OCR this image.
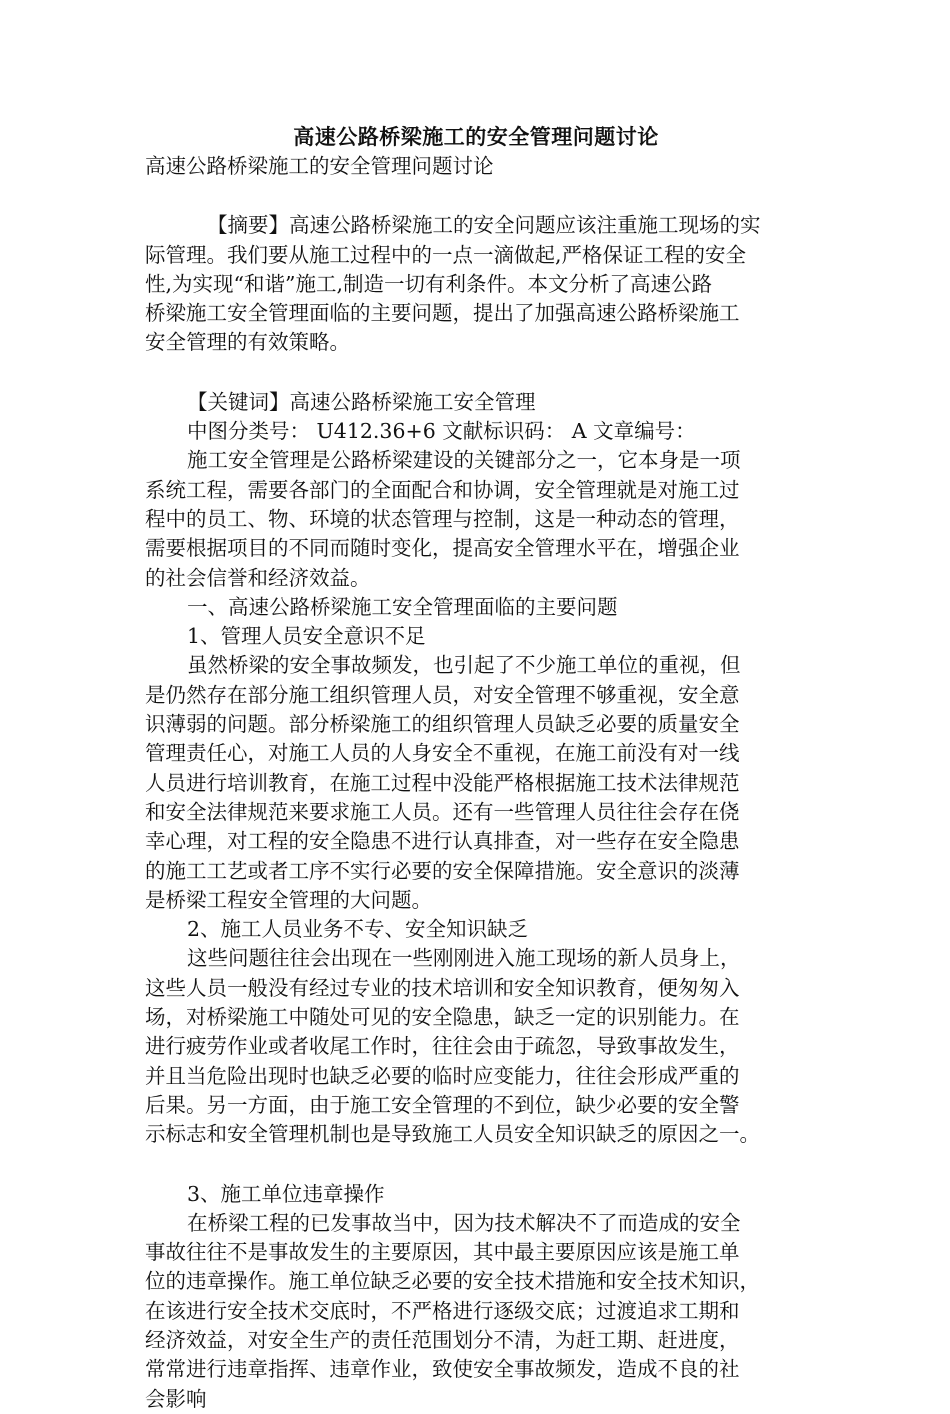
高速公路桥梁施工的安全管理问题讨论

高速公路桥梁施工的安全管理问题讨论

【摘要】高速公路桥梁施工的安全问题应该注重施工现场的实

际管理。我们要从施工过程中的一点一滴做起,严格保证工程的安全

性,为实现“和谐”施工,制造一切有利条件。本文分析了高速公路

桥梁施工安全管理面临的主要问题，提出了加强高速公路桥梁施工

安全管理的有效策略。

【关键词】高速公路桥梁施工安全管理

中图分类号： U412.36+6 文献标识码： A 文章编号：

施工安全管理是公路桥梁建设的关键部分之一，它本身是一项

系统工程，需要各部门的全面配合和协调，安全管理就是对施工过

程中的员工、物、环境的状态管理与控制，这是一种动态的管理，

需要根据项目的不同而随时变化，提高安全管理水平在，增强企业

的社会信誉和经济效益。

一、高速公路桥梁施工安全管理面临的主要问题

1、管理人员安全意识不足

虽然桥梁的安全事故频发，也引起了不少施工单位的重视，但

是仍然存在部分施工组织管理人员，对安全管理不够重视，安全意

识薄弱的问题。部分桥梁施工的组织管理人员缺乏必要的质量安全

管理责任心，对施工人员的人身安全不重视，在施工前没有对一线

人员进行培训教育，在施工过程中没能严格根据施工技术法律规范

和安全法律规范来要求施工人员。还有一些管理人员往往会存在侥

幸心理，对工程的安全隐患不进行认真排查，对一些存在安全隐患

的施工工艺或者工序不实行必要的安全保障措施。安全意识的淡薄

是桥梁工程安全管理的大问题。

2、施工人员业务不专、安全知识缺乏

这些问题往往会出现在一些刚刚进入施工现场的新人员身上，

这些人员一般没有经过专业的技术培训和安全知识教育，便匆匆入

场，对桥梁施工中随处可见的安全隐患，缺乏一定的识别能力。在

进行疲劳作业或者收尾工作时，往往会由于疏忽，导致事故发生，

并且当危险出现时也缺乏必要的临时应变能力，往往会形成严重的

后果。另一方面，由于施工安全管理的不到位，缺少必要的安全警

示标志和安全管理机制也是导致施工人员安全知识缺乏的原因之一。

3、施工单位违章操作

在桥梁工程的已发事故当中，因为技术解决不了而造成的安全

事故往往不是事故发生的主要原因，其中最主要原因应该是施工单

位的违章操作。施工单位缺乏必要的安全技术措施和安全技术知识，

在该进行安全技术交底时，不严格进行逐级交底；过渡追求工期和

经济效益，对安全生产的责任范围划分不清，为赶工期、赶进度，

常常进行违章指挥、违章作业，致使安全事故频发，造成不良的社

会影响
